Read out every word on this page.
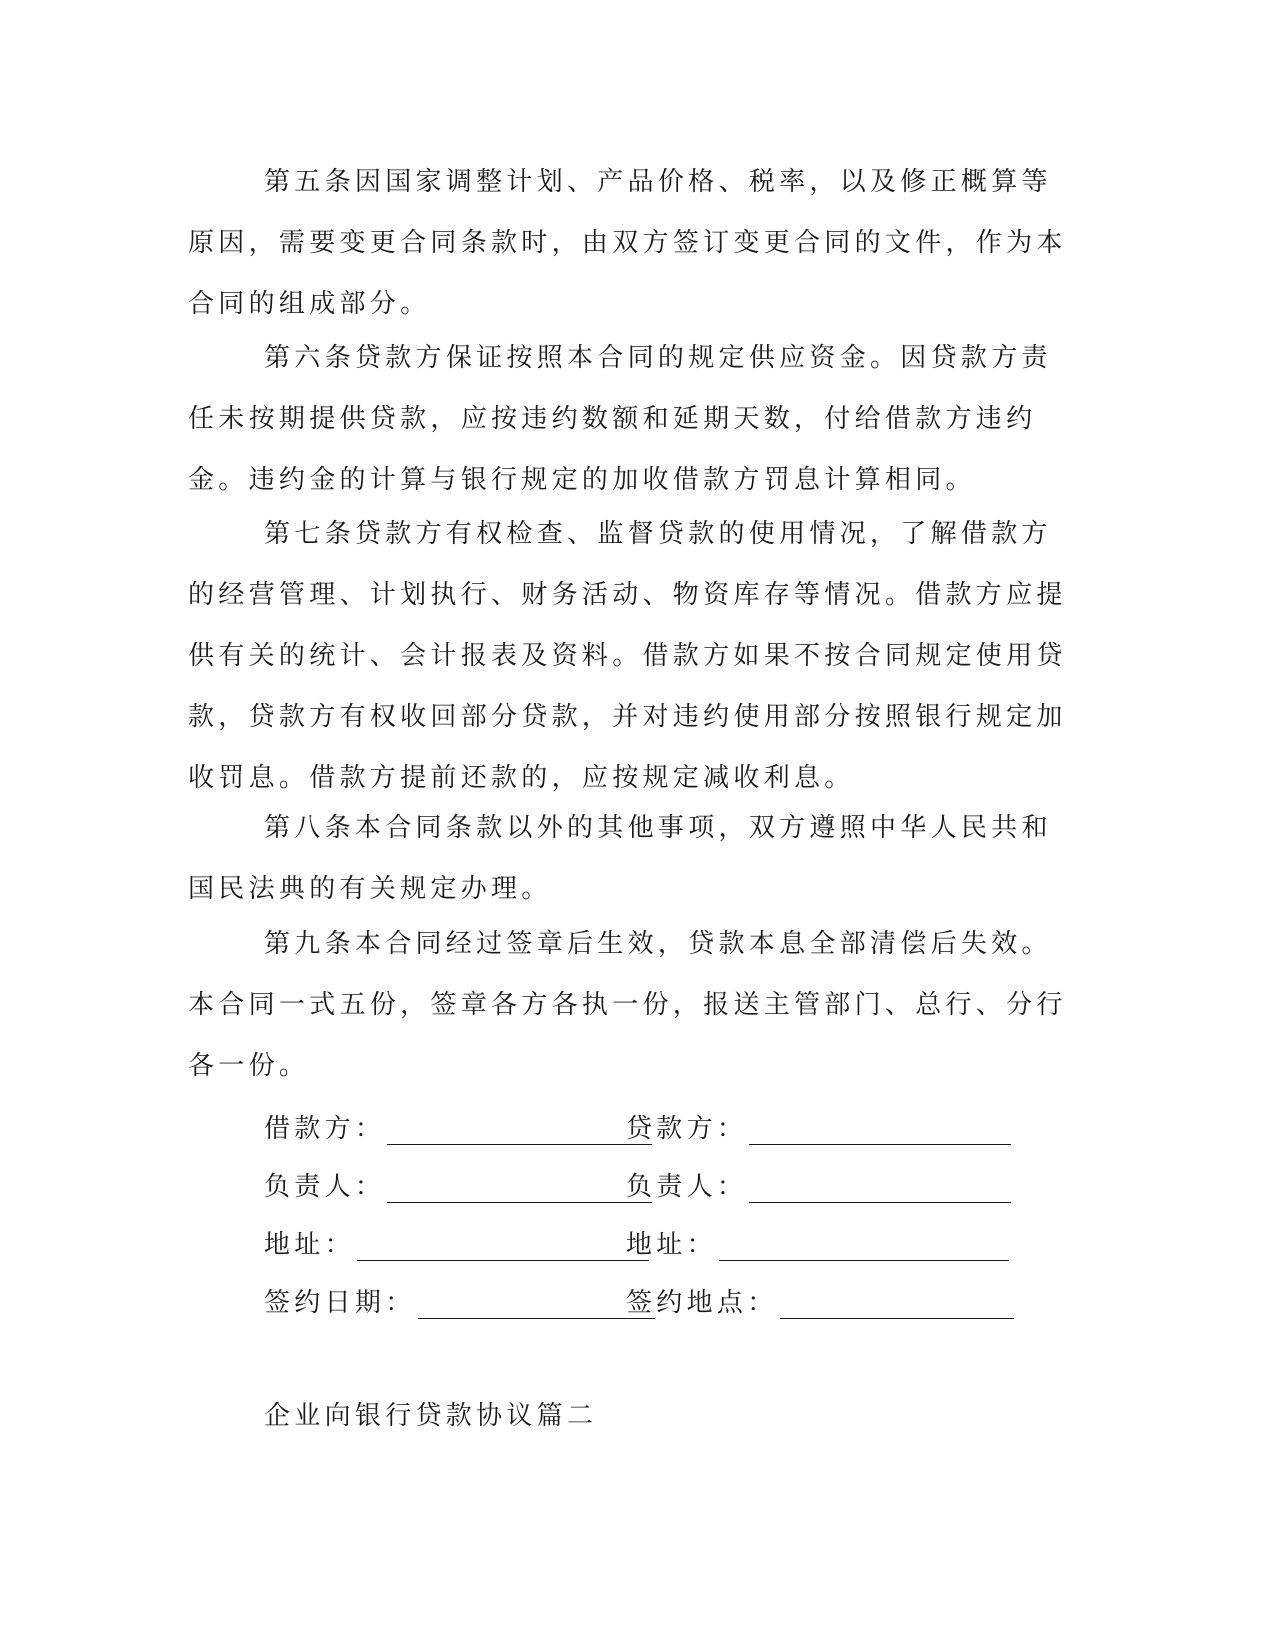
第五条因国家调整计划、产品价格、税率，以及修正概算等原因，需要变更合同条款时，由双方签订变更合同的文件，作为本合同的组成部分。

第六条贷款方保证按照本合同的规定供应资金。因贷款方责任未按期提供贷款，应按违约数额和延期天数，付给借款方违约金。违约金的计算与银行规定的加收借款方罚息计算相同。

第七条贷款方有权检查、监督贷款的使用情况，了解借款方的经营管理、计划执行、财务活动、物资库存等情况。借款方应提供有关的统计、会计报表及资料。借款方如果不按合同规定使用贷款，贷款方有权收回部分贷款，并对违约使用部分按照银行规定加收罚息。借款方提前还款的，应按规定减收利息。

第八条本合同条款以外的其他事项，双方遵照中华人民共和国民法典的有关规定办理。

第九条本合同经过签章后生效，贷款本息全部清偿后失效。本合同一式五份，签章各方各执一份，报送主管部门、总行、分行各一份。

借款方：	贷款方：
负责人：	负责人：
地址：	地址：
签约日期：	签约地点：
企业向银行贷款协议篇二
